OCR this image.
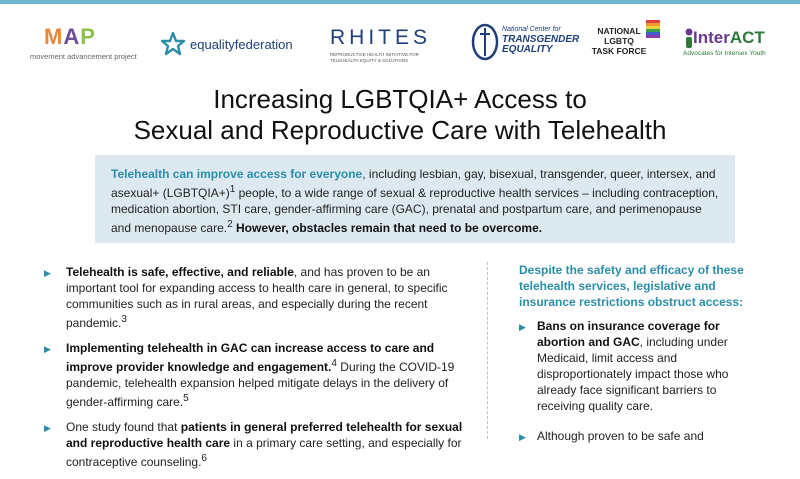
MAP
movement advancement project
equalityfederation RHITES
REPRODUCTIVE HEALTH INITIATIVE FOR TELEHEALTH EQUITY & SOLUTIONS
National Center for
TRANSGENDER EQUALITY
NATIONAL
LGBTQ
TASK FORCE
InterACT
Advocates for Intersex Youth
Increasing LGBTQIA+ Access to
Sexual and Reproductive Care with Telehealth
Telehealth can improve access for everyone, including lesbian, gay, bisexual, transgender, queer, intersex, and asexual+ (LGBTQIA+)$^1$ people, to a wide range of sexual & reproductive health services – including contraception, medication abortion, STI care, gender-affirming care (GAC), prenatal and postpartum care, and perimenopause and menopause care.$^2$ However, obstacles remain that need to be overcome.
▶ Telehealth is safe, effective, and reliable, and has proven to be an important tool for expanding access to health care in general, to specific communities such as in rural areas, and especially during the recent pandemic.$^3$
▶ Implementing telehealth in GAC can increase access to care and improve provider knowledge and engagement.$^4$ During the COVID-19 pandemic, telehealth expansion helped mitigate delays in the delivery of gender-affirming care.$^5$
▶ One study found that patients in general preferred telehealth for sexual and reproductive health care in a primary care setting, and especially for contraceptive counseling.$^6$
Despite the safety and efficacy of these telehealth services, legislative and insurance restrictions obstruct access:
▶ Bans on insurance coverage for abortion and GAC, including under Medicaid, limit access and disproportionately impact those who already face significant barriers to receiving quality care.
▶ Although proven to be safe and
